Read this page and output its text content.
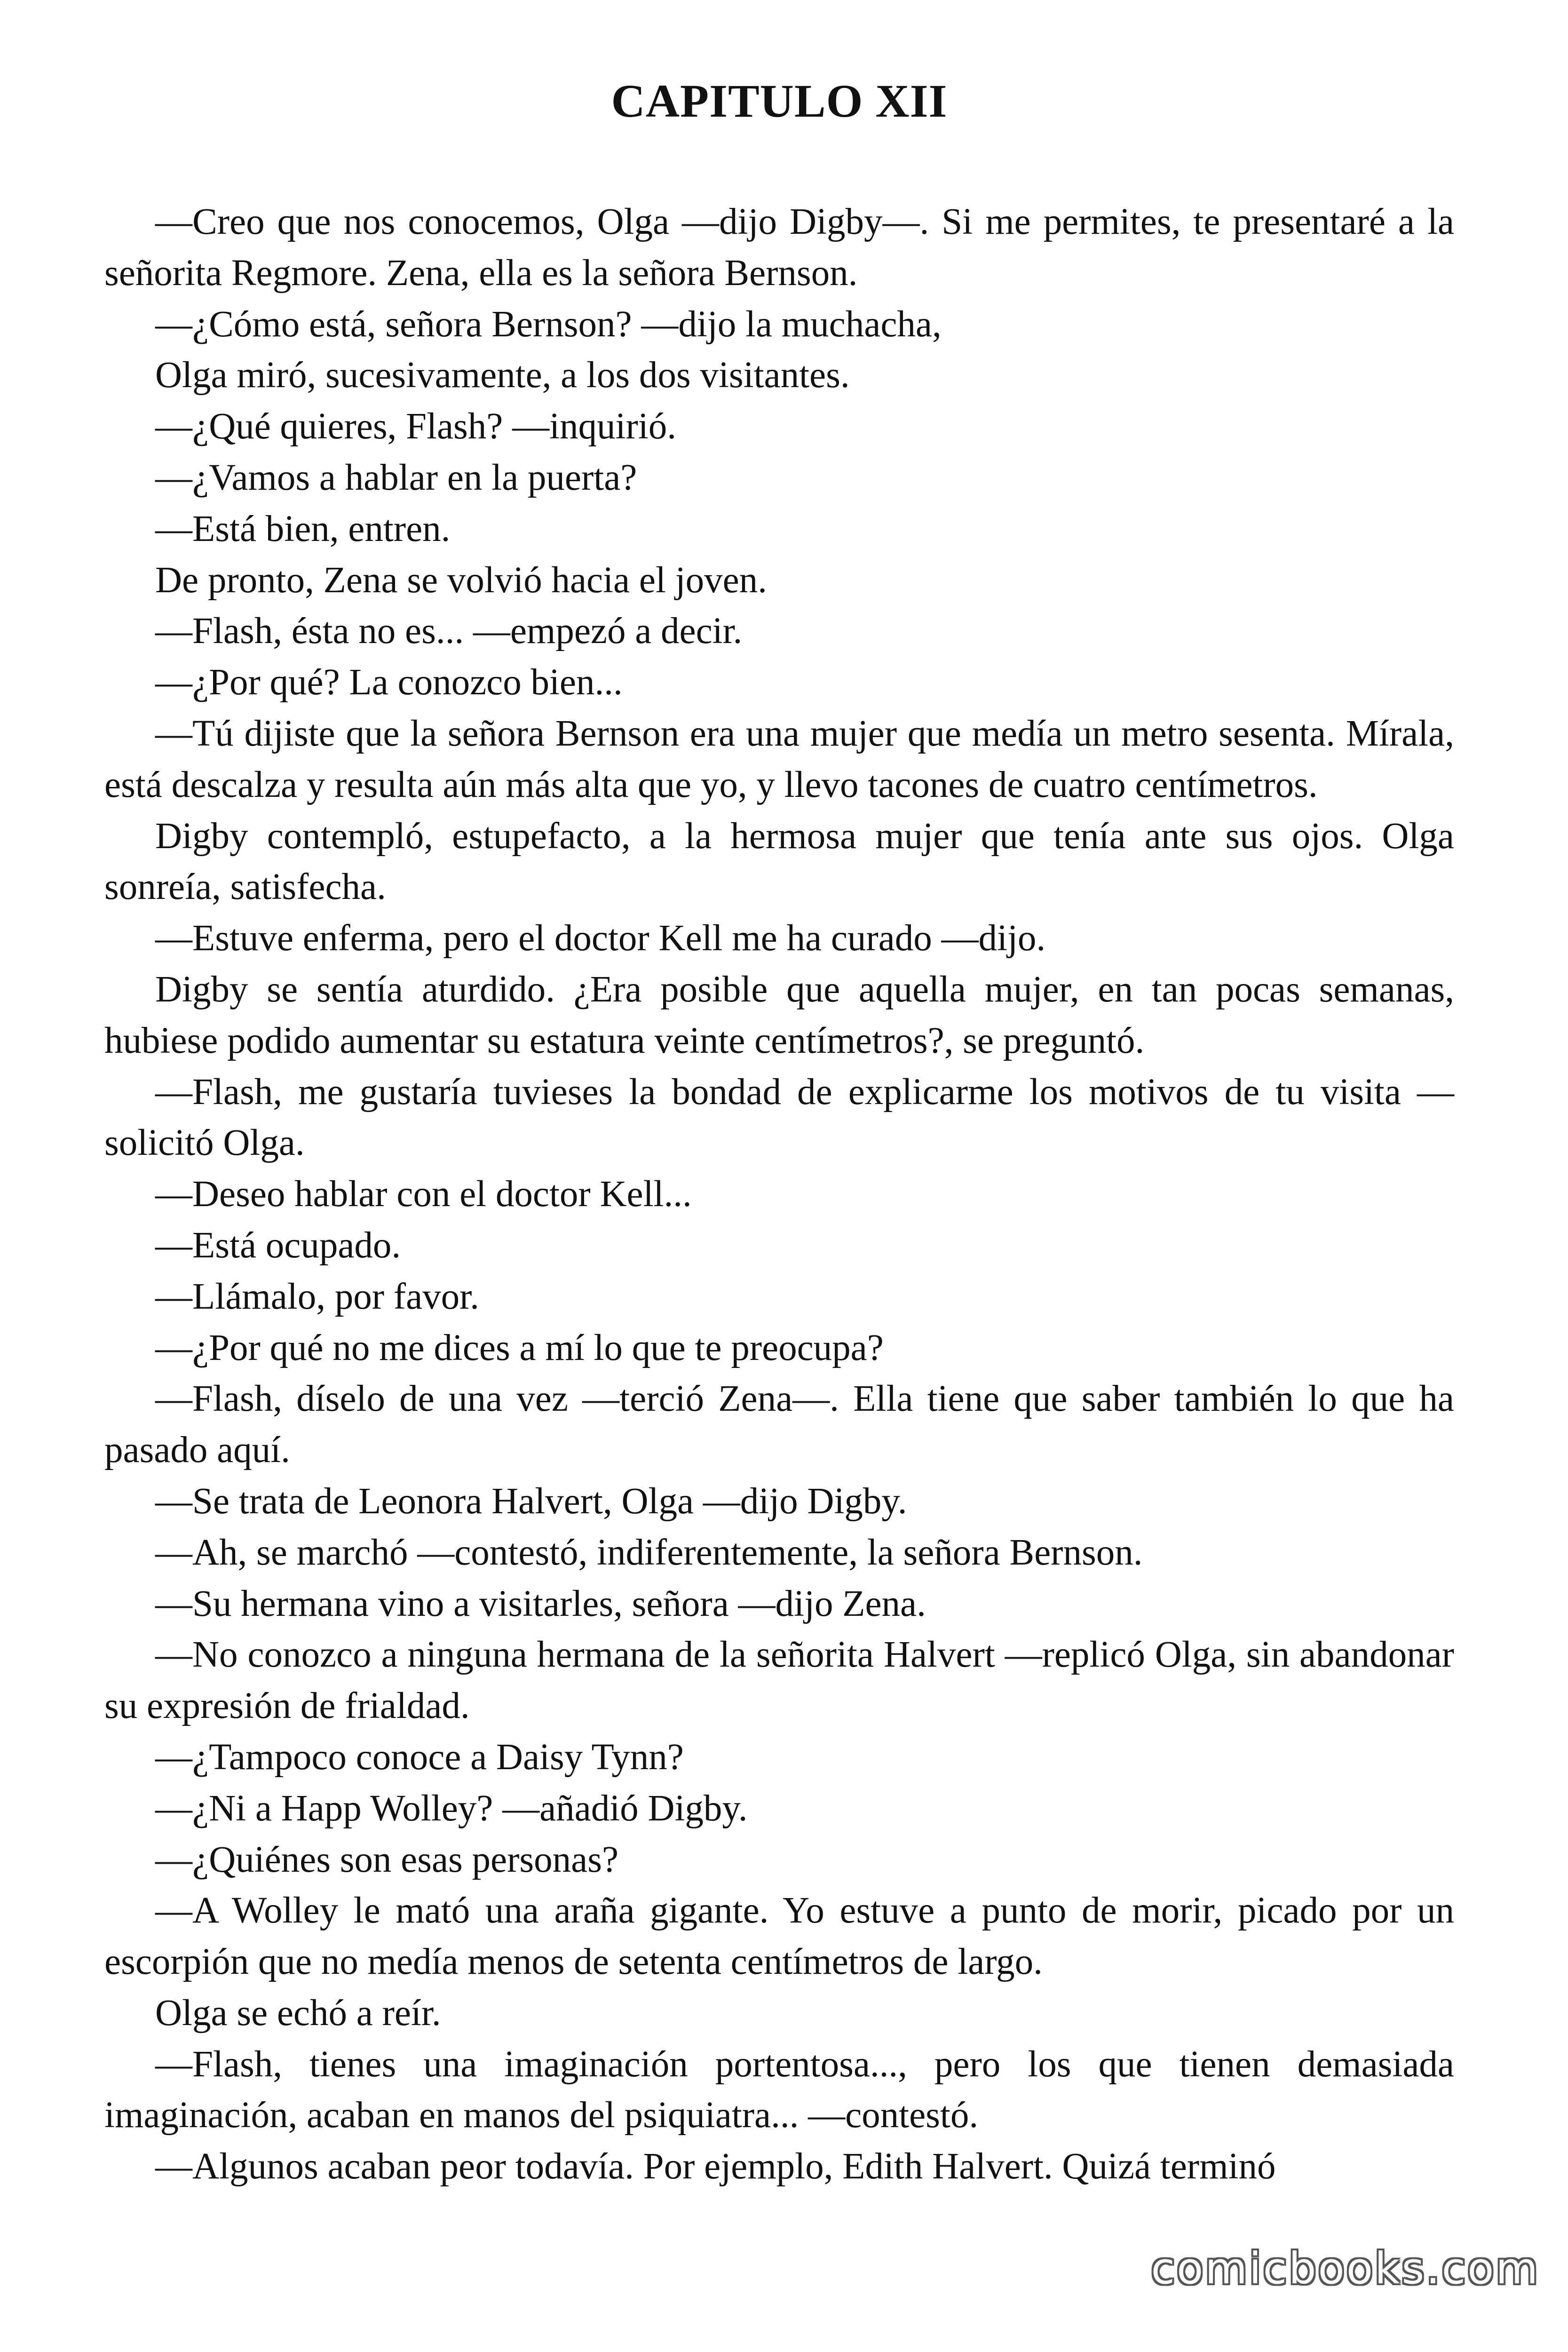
CAPITULO XII

—Creo que nos conocemos, Olga —dijo Digby—. Si me permites, te presentaré a la señorita Regmore. Zena, ella es la señora Bernson.

—¿Cómo está, señora Bernson? —dijo la muchacha,

Olga miró, sucesivamente, a los dos visitantes.

—¿Qué quieres, Flash? —inquirió.

—¿Vamos a hablar en la puerta?

—Está bien, entren.

De pronto, Zena se volvió hacia el joven.

—Flash, ésta no es... —empezó a decir.

—¿Por qué? La conozco bien...

—Tú dijiste que la señora Bernson era una mujer que medía un metro sesenta. Mírala, está descalza y resulta aún más alta que yo, y llevo tacones de cuatro centímetros.

Digby contempló, estupefacto, a la hermosa mujer que tenía ante sus ojos. Olga sonreía, satisfecha.

—Estuve enferma, pero el doctor Kell me ha curado —dijo.

Digby se sentía aturdido. ¿Era posible que aquella mujer, en tan pocas semanas, hubiese podido aumentar su estatura veinte centímetros?, se preguntó.

—Flash, me gustaría tuvieses la bondad de explicarme los motivos de tu visita —solicitó Olga.

—Deseo hablar con el doctor Kell...

—Está ocupado.

—Llámalo, por favor.

—¿Por qué no me dices a mí lo que te preocupa?

—Flash, díselo de una vez —terció Zena—. Ella tiene que saber también lo que ha pasado aquí.

—Se trata de Leonora Halvert, Olga —dijo Digby.

—Ah, se marchó —contestó, indiferentemente, la señora Bernson.

—Su hermana vino a visitarles, señora —dijo Zena.

—No conozco a ninguna hermana de la señorita Halvert —replicó Olga, sin abandonar su expresión de frialdad.

—¿Tampoco conoce a Daisy Tynn?

—¿Ni a Happ Wolley? —añadió Digby.

—¿Quiénes son esas personas?

—A Wolley le mató una araña gigante. Yo estuve a punto de morir, picado por un escorpión que no medía menos de setenta centímetros de largo.

Olga se echó a reír.

—Flash, tienes una imaginación portentosa..., pero los que tienen demasiada imaginación, acaban en manos del psiquiatra... —contestó.

—Algunos acaban peor todavía. Por ejemplo, Edith Halvert. Quizá terminó

comicbooks.com
